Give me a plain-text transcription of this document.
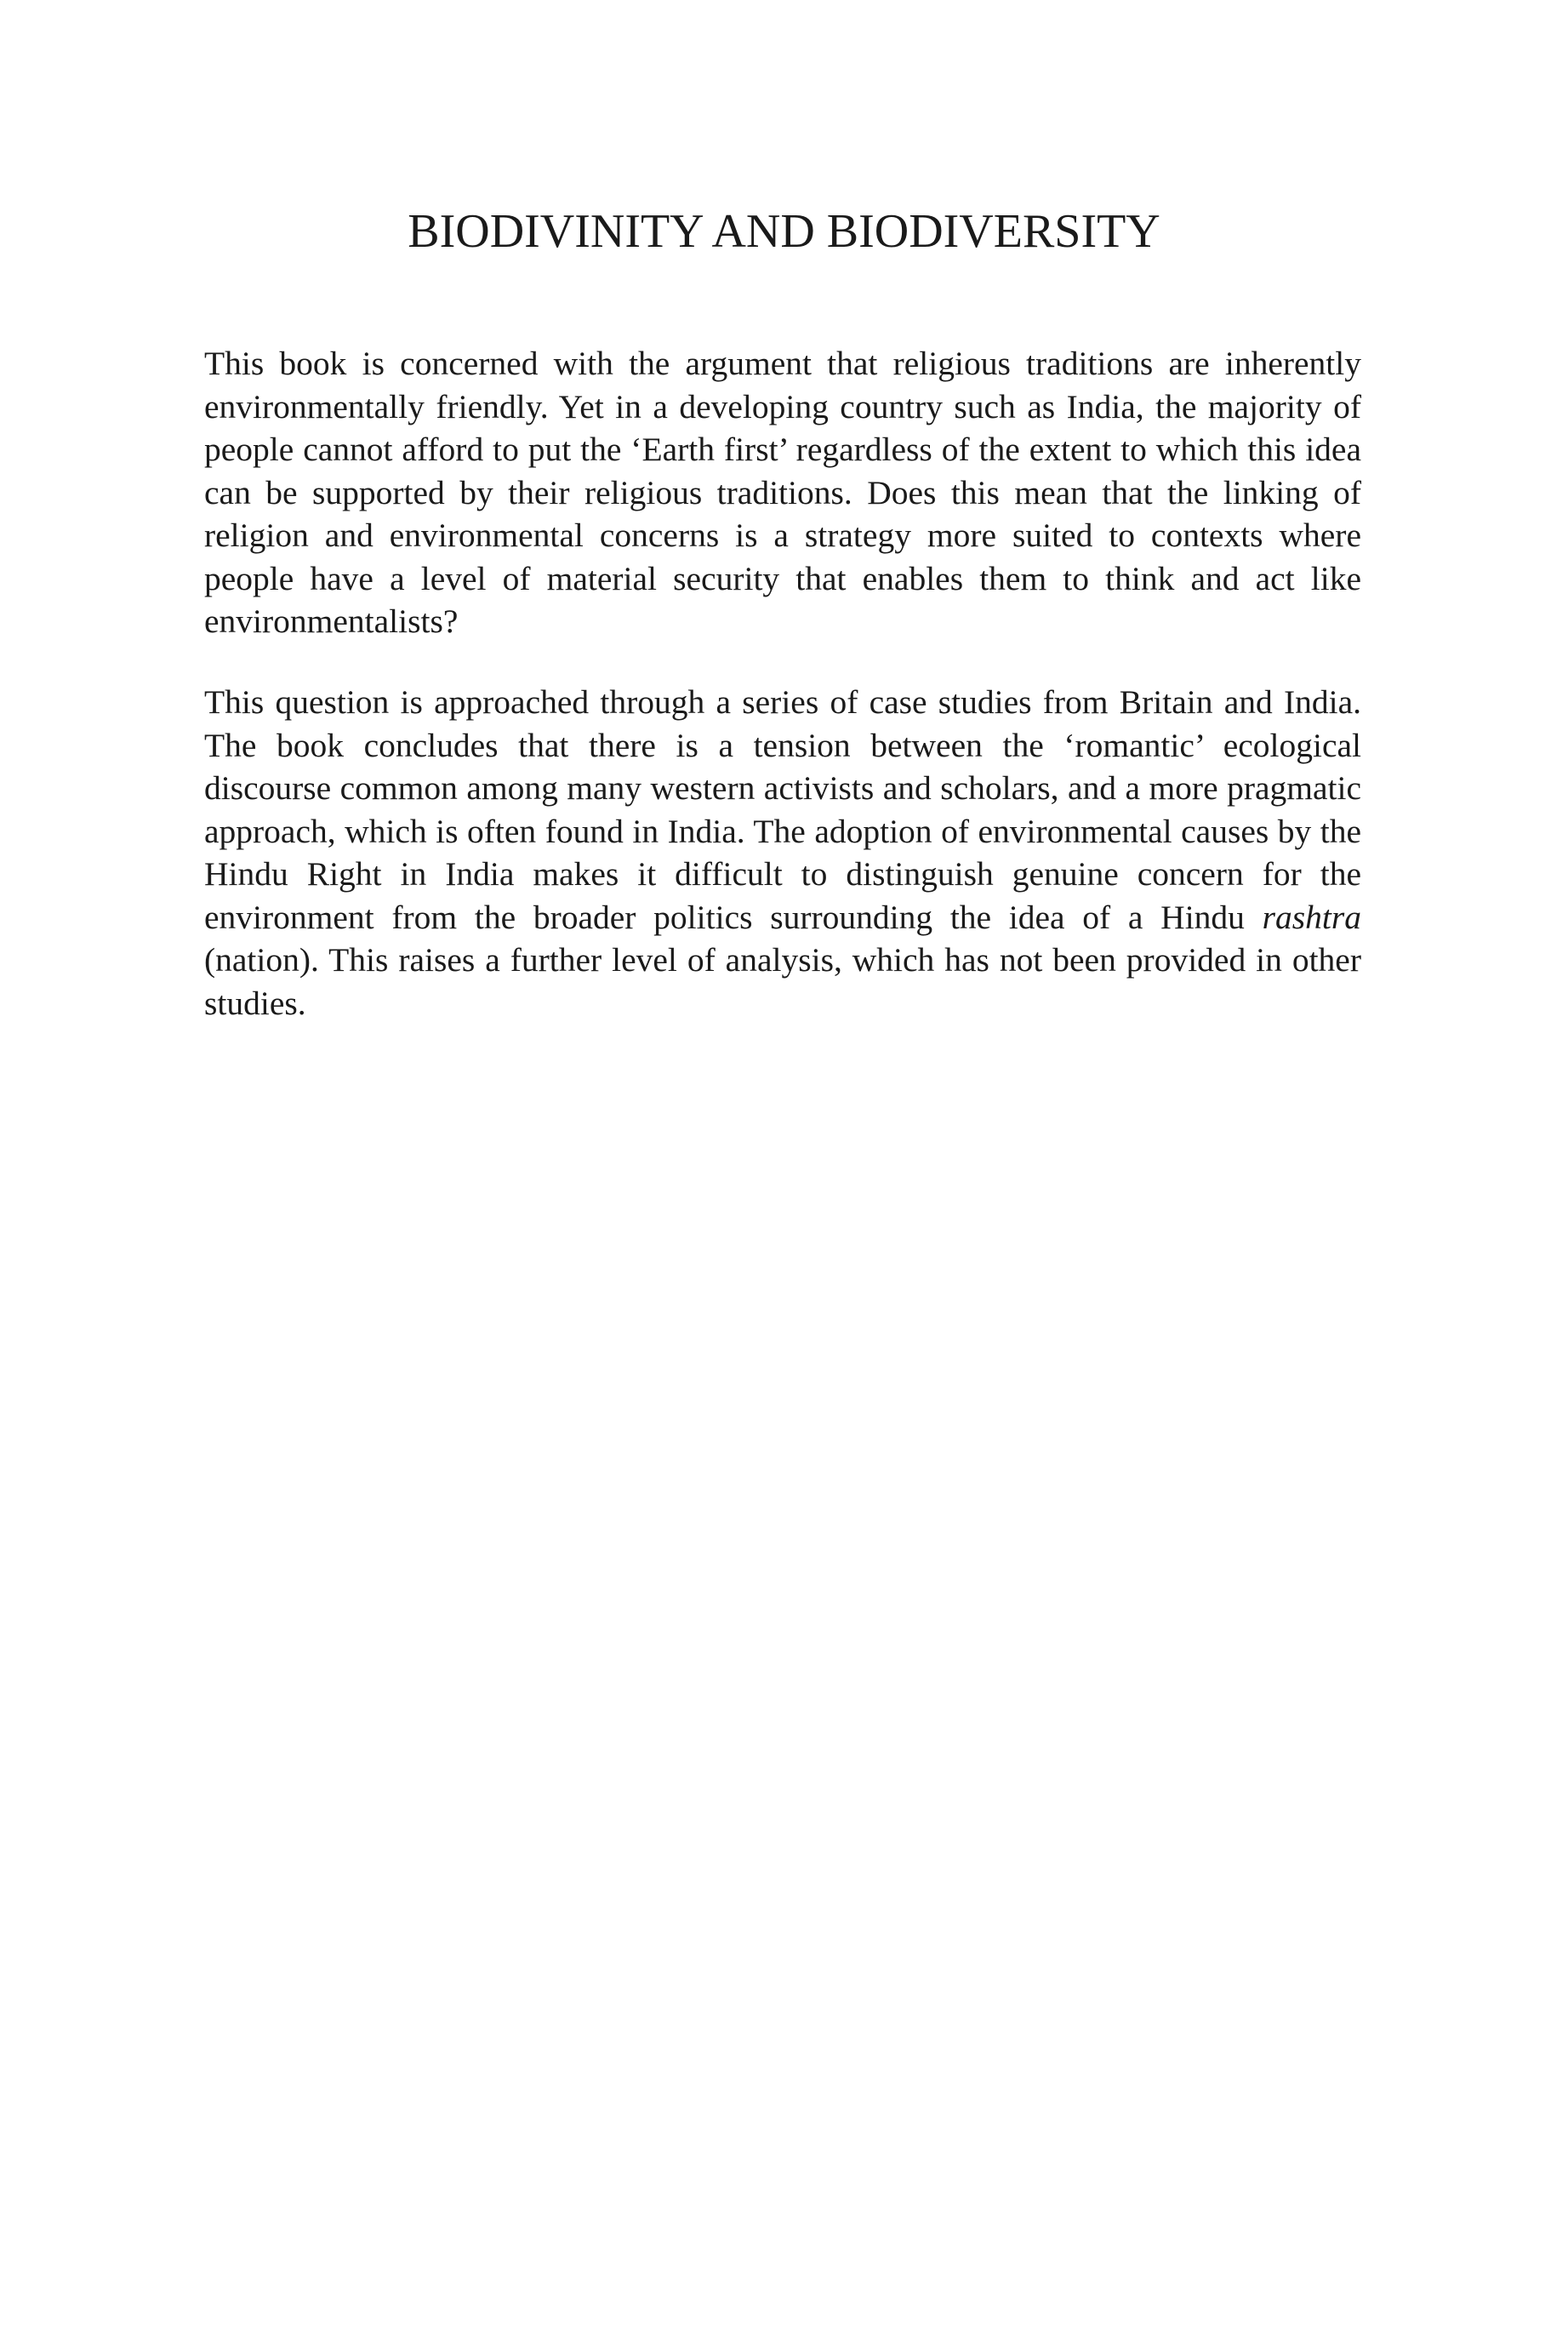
BIODIVINITY AND BIODIVERSITY

This book is concerned with the argument that religious traditions are inherently environmentally friendly. Yet in a developing country such as India, the majority of people cannot afford to put the ‘Earth first’ regardless of the extent to which this idea can be supported by their religious traditions. Does this mean that the linking of religion and environmental concerns is a strategy more suited to contexts where people have a level of material security that enables them to think and act like environmentalists?

This question is approached through a series of case studies from Britain and India. The book concludes that there is a tension between the ‘romantic’ ecological discourse common among many western activists and scholars, and a more pragmatic approach, which is often found in India. The adoption of environmental causes by the Hindu Right in India makes it difficult to distinguish genuine concern for the environment from the broader politics surrounding the idea of a Hindu rashtra (nation). This raises a further level of analysis, which has not been provided in other studies.
